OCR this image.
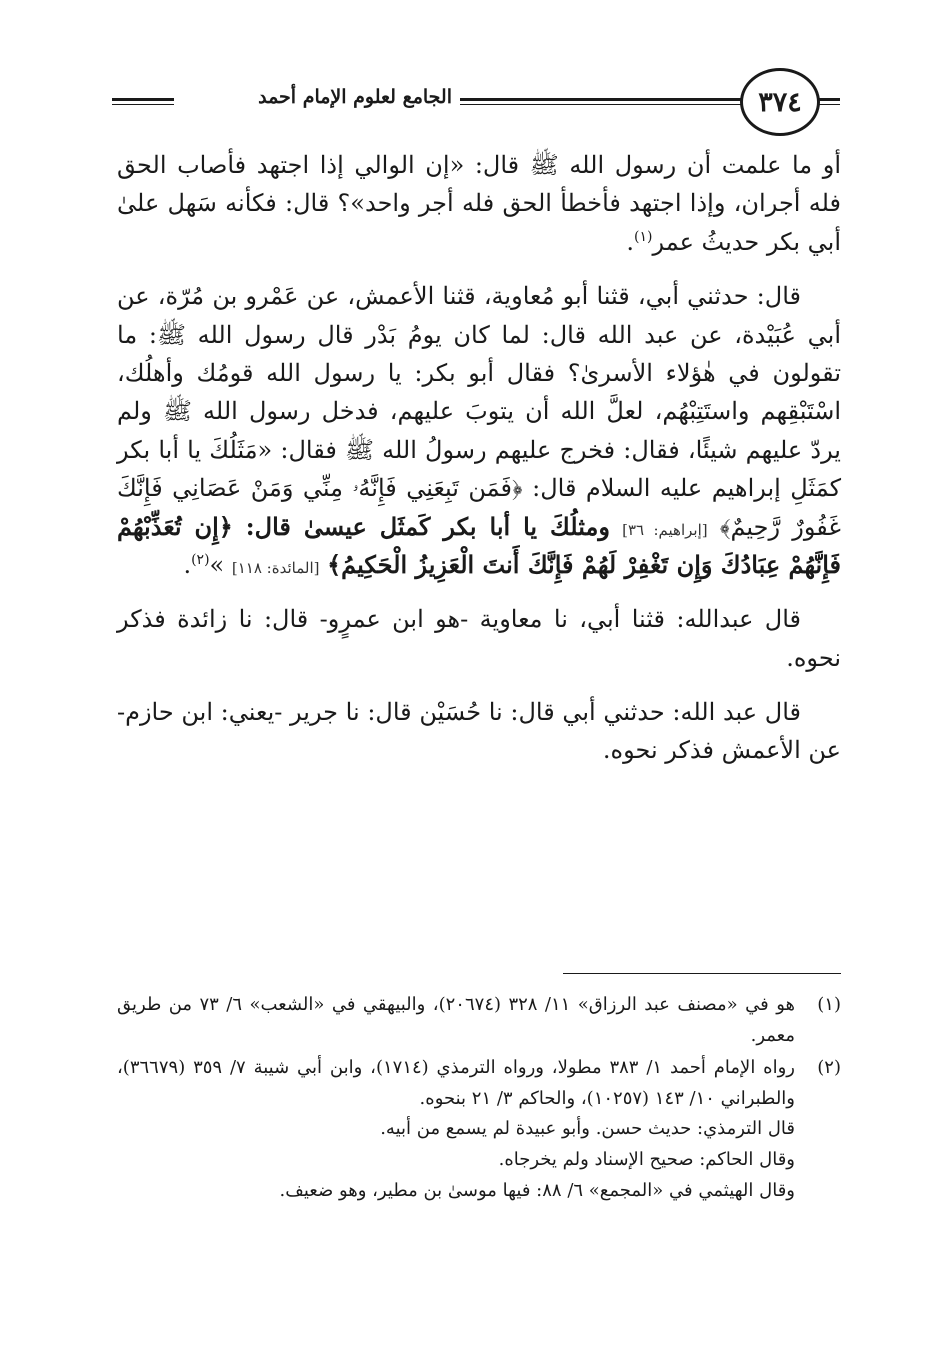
٣٧٤
الجامع لعلوم الإمام أحمد

أو ما علمت أن رسول الله ﷺ قال: «إن الوالي إذا اجتهد فأصاب الحق فله أجران، وإذا اجتهد فأخطأ الحق فله أجر واحد»؟ قال: فكأنه سَهل علىٰ أبي بكر حديثُ عمر$^{(١)}$.

قال: حدثني أبي، قثنا أبو مُعاوية، قثنا الأعمش، عن عَمْرو بن مُرّة، عن أبي عُبَيْدة، عن عبد الله قال: لما كان يومُ بَدْر قال رسول الله ﷺ: ما تقولون في هٰؤلاء الأسرىٰ؟ فقال أبو بكر: يا رسول الله قومُك وأهلُك، اسْتَبْقِهم واستَتِبْهُم، لعلَّ الله أن يتوبَ عليهم، فدخل رسول الله ﷺ ولم يردّ عليهم شيئًا، فقال: فخرج عليهم رسولُ الله ﷺ فقال: «مَثَلُكَ يا أبا بكر كمَثَلِ إبراهيم عليه السلام قال: ﴿فَمَن تَبِعَنِي فَإِنَّهُۥ مِنِّي وَمَنْ عَصَانِي فَإِنَّكَ غَفُورٌ رَّحِيمٌ﴾ [إبراهيم: ٣٦] ومثلُكَ يا أبا بكر كَمثَل عيسىٰ قال: ﴿إِن تُعَذِّبْهُمْ فَإِنَّهُمْ عِبَادُكَ وَإِن تَغْفِرْ لَهُمْ فَإِنَّكَ أَنتَ الْعَزِيزُ الْحَكِيمُ﴾ [المائدة: ١١٨] »$^{(٢)}$.

قال عبدالله: قثنا أبي، نا معاوية -هو ابن عمرٍو- قال: نا زائدة فذكر نحوه.

قال عبد الله: حدثني أبي قال: نا حُسَيْن قال: نا جرير -يعني: ابن حازم- عن الأعمش فذكر نحوه.

(١)
هو في «مصنف عبد الرزاق» ١١/ ٣٢٨ (٢٠٦٧٤)، والبيهقي في «الشعب» ٦/ ٧٣ من طريق معمر.
(٢)
رواه الإمام أحمد ١/ ٣٨٣ مطولا، ورواه الترمذي (١٧١٤)، وابن أبي شيبة ٧/ ٣٥٩ (٣٦٦٧٩)، والطبراني ١٠/ ١٤٣ (١٠٢٥٧)، والحاكم ٣/ ٢١ بنحوه.
قال الترمذي: حديث حسن. وأبو عبيدة لم يسمع من أبيه.
وقال الحاكم: صحيح الإسناد ولم يخرجاه.
وقال الهيثمي في «المجمع» ٦/ ٨٨: فيها موسىٰ بن مطير، وهو ضعيف.
